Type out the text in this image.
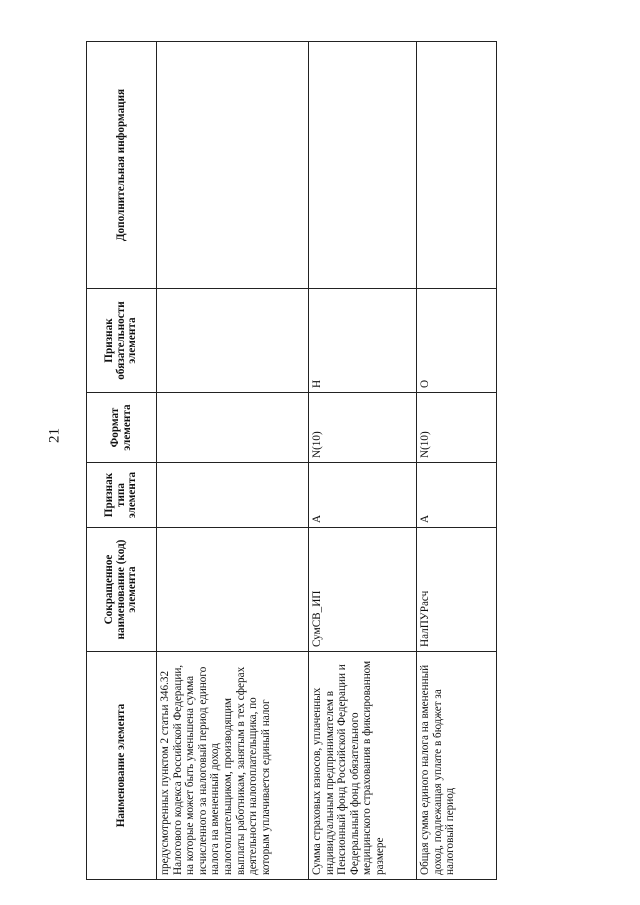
21
Наименование элемента	Сокращенное наименование (код) элемента	Признак типа элемента	Формат элемента	Признак обязательности элемента	Дополнительная информация
предусмотренных пунктом 2 статьи 346.32 Налогового кодекса Российской Федерации, на которые может быть уменьшена сумма исчисленного за налоговый период единого налога на вмененный доход налогоплательщиком, производящим выплаты работникам, занятым в тех сферах деятельности налогоплательщика, по которым уплачивается единый налог					
Сумма страховых взносов, уплаченных индивидуальным предпринимателем в Пенсионный фонд Российской Федерации и Федеральный фонд обязательного медицинского страхования в фиксированном размере	СумСВ_ИП	А	N(10)	Н	
Общая сумма единого налога на вмененный доход, подлежащая уплате в бюджет за налоговый период	НалПУРасч	А	N(10)	О	
